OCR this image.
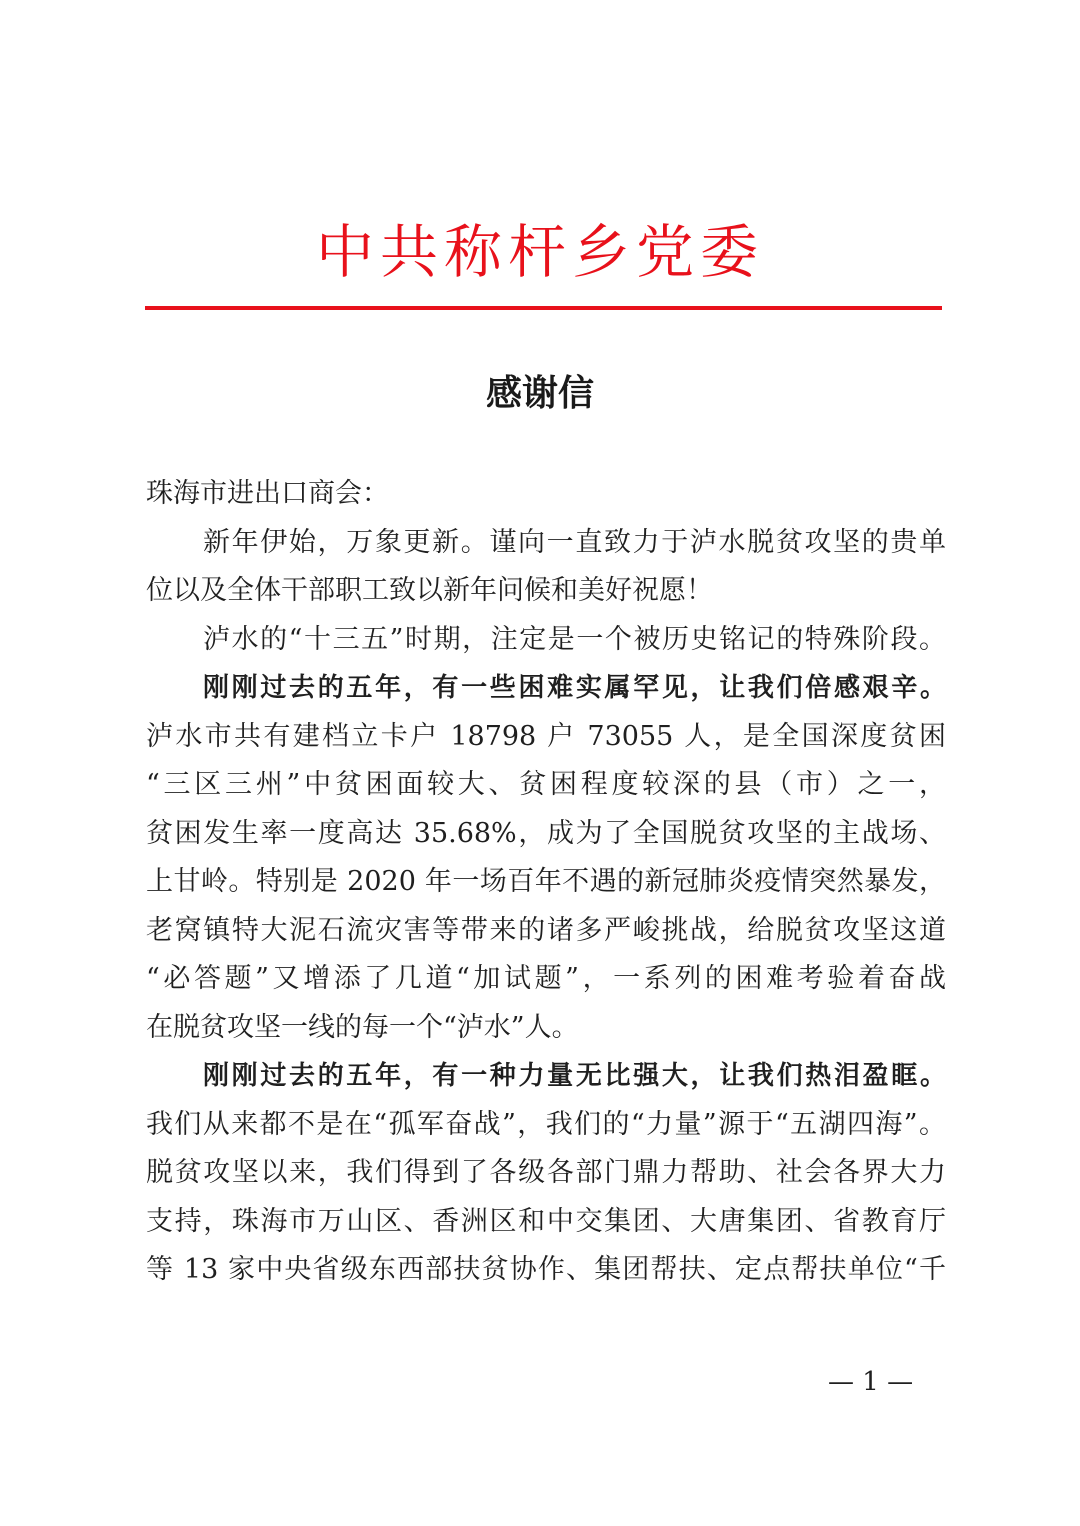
中共称杆乡党委
感谢信
珠海市进出口商会：
新年伊始，万象更新。谨向一直致力于泸水脱贫攻坚的贵单
位以及全体干部职工致以新年问候和美好祝愿！
泸水的“十三五”时期，注定是一个被历史铭记的特殊阶段。
刚刚过去的五年，有一些困难实属罕见，让我们倍感艰辛。
泸水市共有建档立卡户 18798 户 73055 人，是全国深度贫困
“三区三州”中贫困面较大、贫困程度较深的县（市）之一，
贫困发生率一度高达 35.68%，成为了全国脱贫攻坚的主战场、
上甘岭。特别是 2020 年一场百年不遇的新冠肺炎疫情突然暴发，
老窝镇特大泥石流灾害等带来的诸多严峻挑战，给脱贫攻坚这道
“必答题”又增添了几道“加试题”，一系列的困难考验着奋战
在脱贫攻坚一线的每一个“泸水”人。
刚刚过去的五年，有一种力量无比强大，让我们热泪盈眶。
我们从来都不是在“孤军奋战”，我们的“力量”源于“五湖四海”。
脱贫攻坚以来，我们得到了各级各部门鼎力帮助、社会各界大力
支持，珠海市万山区、香洲区和中交集团、大唐集团、省教育厅
等 13 家中央省级东西部扶贫协作、集团帮扶、定点帮扶单位“千
— 1 —
